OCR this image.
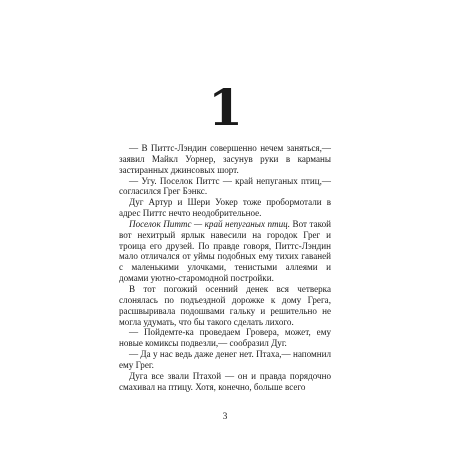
1

— В Питтс-Лэндин совершенно нечем заняться,— заявил Майкл Уорнер, засунув руки в карманы застиранных джинсовых шорт.

— Угу. Поселок Питтс — край непуганых птиц,— согласился Грег Бэнкс.

Дуг Артур и Шери Уокер тоже пробормотали в адрес Питтс нечто неодобрительное.

Поселок Питтс — край непуганых птиц. Вот такой вот нехитрый ярлык навесили на городок Грег и троица его друзей. По правде говоря, Питтс-Лэндин мало отличался от уймы подобных ему тихих гаваней с маленькими улочками, тенистыми аллеями и домами уютно-старомодной постройки.

В тот погожий осенний денек вся четверка слонялась по подъездной дорожке к дому Грега, расшвыривала подошвами гальку и решительно не могла удумать, что бы такого сделать лихого.

— Пойдемте-ка проведаем Гровера, может, ему новые комиксы подвезли,— сообразил Дуг.

— Да у нас ведь даже денег нет. Птаха,— напомнил ему Грег.

Дуга все звали Птахой — он и правда порядочно смахивал на птицу. Хотя, конечно, больше всего

3
